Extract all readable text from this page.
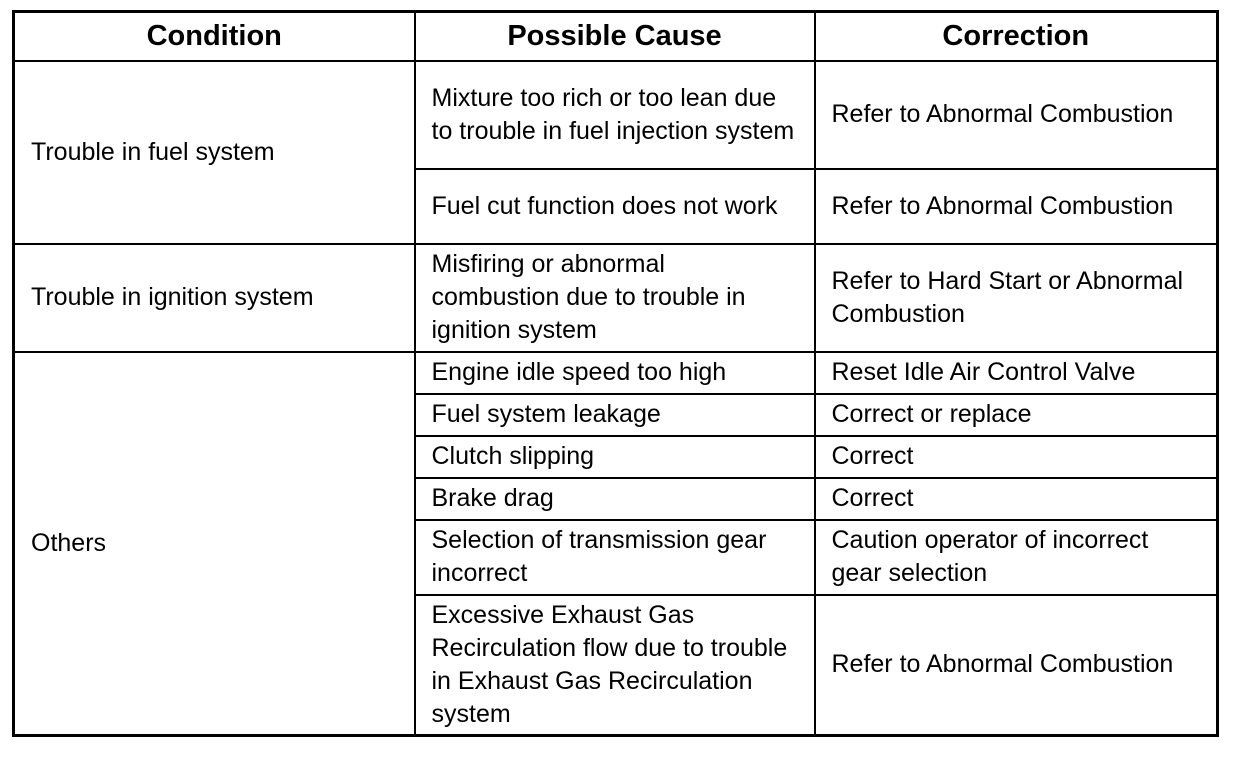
Condition	Possible Cause	Correction
Trouble in fuel system	Mixture too rich or too lean due to trouble in fuel injection system	Refer to Abnormal Combustion
	Fuel cut function does not work	Refer to Abnormal Combustion
Trouble in ignition system	Misfiring or abnormal combustion due to trouble in ignition system	Refer to Hard Start or Abnormal Combustion
Others	Engine idle speed too high	Reset Idle Air Control Valve
	Fuel system leakage	Correct or replace
	Clutch slipping	Correct
	Brake drag	Correct
	Selection of transmission gear incorrect	Caution operator of incorrect gear selection
	Excessive Exhaust Gas Recirculation flow due to trouble in Exhaust Gas Recirculation system	Refer to Abnormal Combustion
